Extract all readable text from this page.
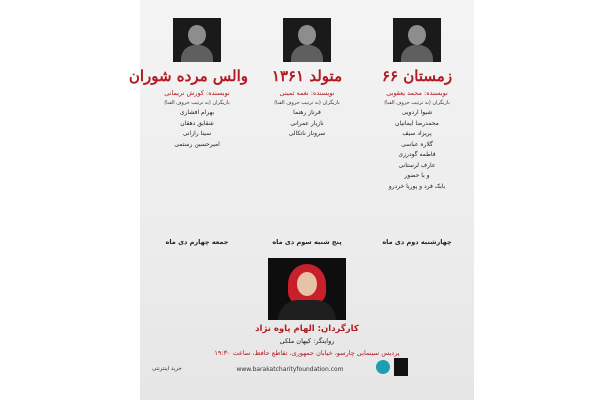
زمستان ۶۶
نویسنده: محمد یعقوبی
بازیگران (به ترتیب حروف الفبا)
شیوا اردویی
محمدرضا ایمانیان
پریزاد سیف
گلاره عباسی
فاطمه گودرزی
عارف لرستانی
و با حضور
بابک فرد و پوریا خردرو
متولد ۱۳۶۱
نویسنده: نغمه ثمینی
بازیگران (به ترتیب حروف الفبا)
فرناز رهنما
نازیار عمرانی
سروناز ناتکالی
والس مرده شوران
نویسنده: کورش نریمانی
بازیگران (به ترتیب حروف الفبا)
بهرام افشاری
شقایق دهقان
سینا رازانی
امیرحسین رستمی
چهارشنبه دوم دی ماه
پنج شنبه سوم دی ماه
جمعه چهارم دی ماه
کارگردان: الهام پاوه نژاد
روایتگر: کیهان ملکی
پردیس سینمایی چارسو، خیابان جمهوری، تقاطع حافظ، ساعت ۱۹:۳۰
خرید اینترنتی	www.barakatcharityfoundation.com
